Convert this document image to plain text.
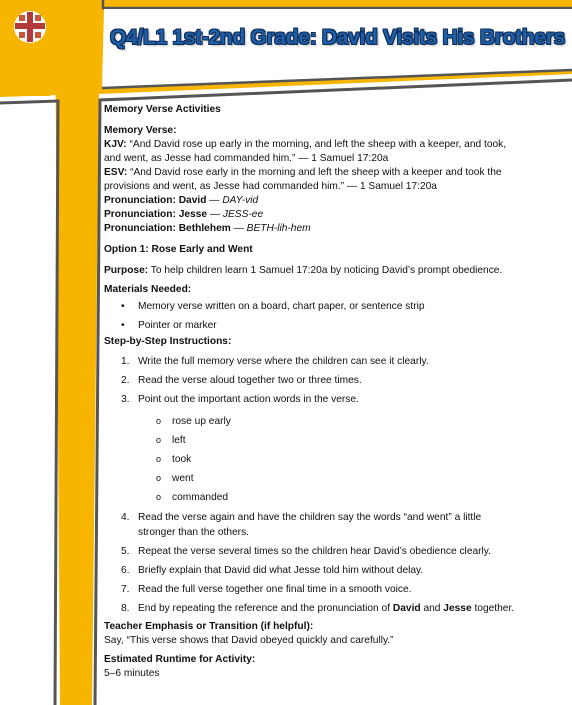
Q4/L1 1st-2nd Grade: David Visits His Brothers

Memory Verse Activities

Memory Verse:

KJV: “And David rose up early in the morning, and left the sheep with a keeper, and took,

and went, as Jesse had commanded him.” — 1 Samuel 17:20a

ESV: “And David rose early in the morning and left the sheep with a keeper and took the

provisions and went, as Jesse had commanded him.” — 1 Samuel 17:20a

Pronunciation: David — DAY-vid

Pronunciation: Jesse — JESS-ee

Pronunciation: Bethlehem — BETH-lih-hem

Option 1: Rose Early and Went

Purpose: To help children learn 1 Samuel 17:20a by noticing David’s prompt obedience.

Materials Needed:

• Memory verse written on a board, chart paper, or sentence strip
• Pointer or marker

Step-by-Step Instructions:

1. Write the full memory verse where the children can see it clearly.
2. Read the verse aloud together two or three times.
3. Point out the important action words in the verse.
o rose up early
o left
o took
o went
o commanded
4. Read the verse again and have the children say the words “and went” a little stronger than the others.
5. Repeat the verse several times so the children hear David’s obedience clearly.
6. Briefly explain that David did what Jesse told him without delay.
7. Read the full verse together one final time in a smooth voice.
8. End by repeating the reference and the pronunciation of David and Jesse together.

Teacher Emphasis or Transition (if helpful):

Say, “This verse shows that David obeyed quickly and carefully.”

Estimated Runtime for Activity:

5–6 minutes
